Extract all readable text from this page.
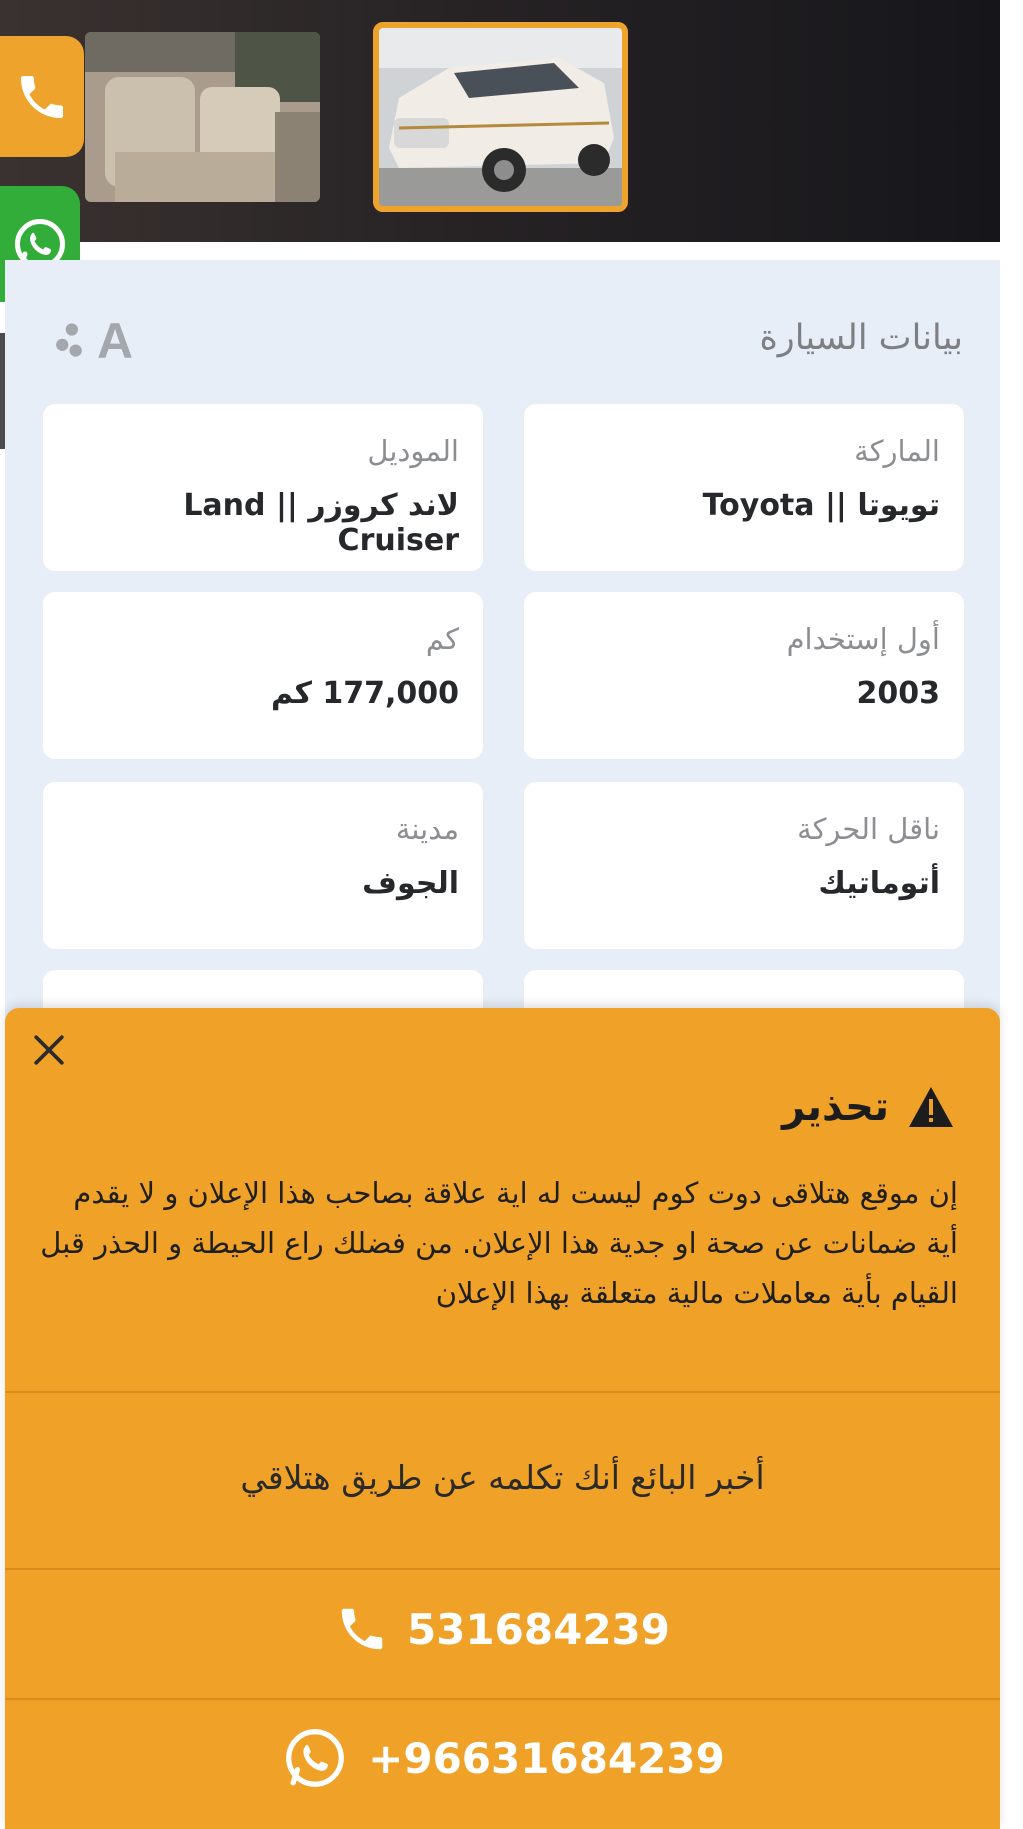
A	بيانات السيارة
الماركة
تويوتا || Toyota
الموديل
لاند كروزر || Land Cruiser
أول إستخدام
2003
كم
177,000 كم
ناقل الحركة
أتوماتيك
مدينة
الجوف
تحذير
إن موقع هتلاقى دوت كوم ليست له اية علاقة بصاحب هذا الإعلان و لا يقدم أية ضمانات عن صحة او جدية هذا الإعلان. من فضلك راع الحيطة و الحذر قبل القيام بأية معاملات مالية متعلقة بهذا الإعلان
أخبر البائع أنك تكلمه عن طريق هتلاقي
531684239
+96631684239
